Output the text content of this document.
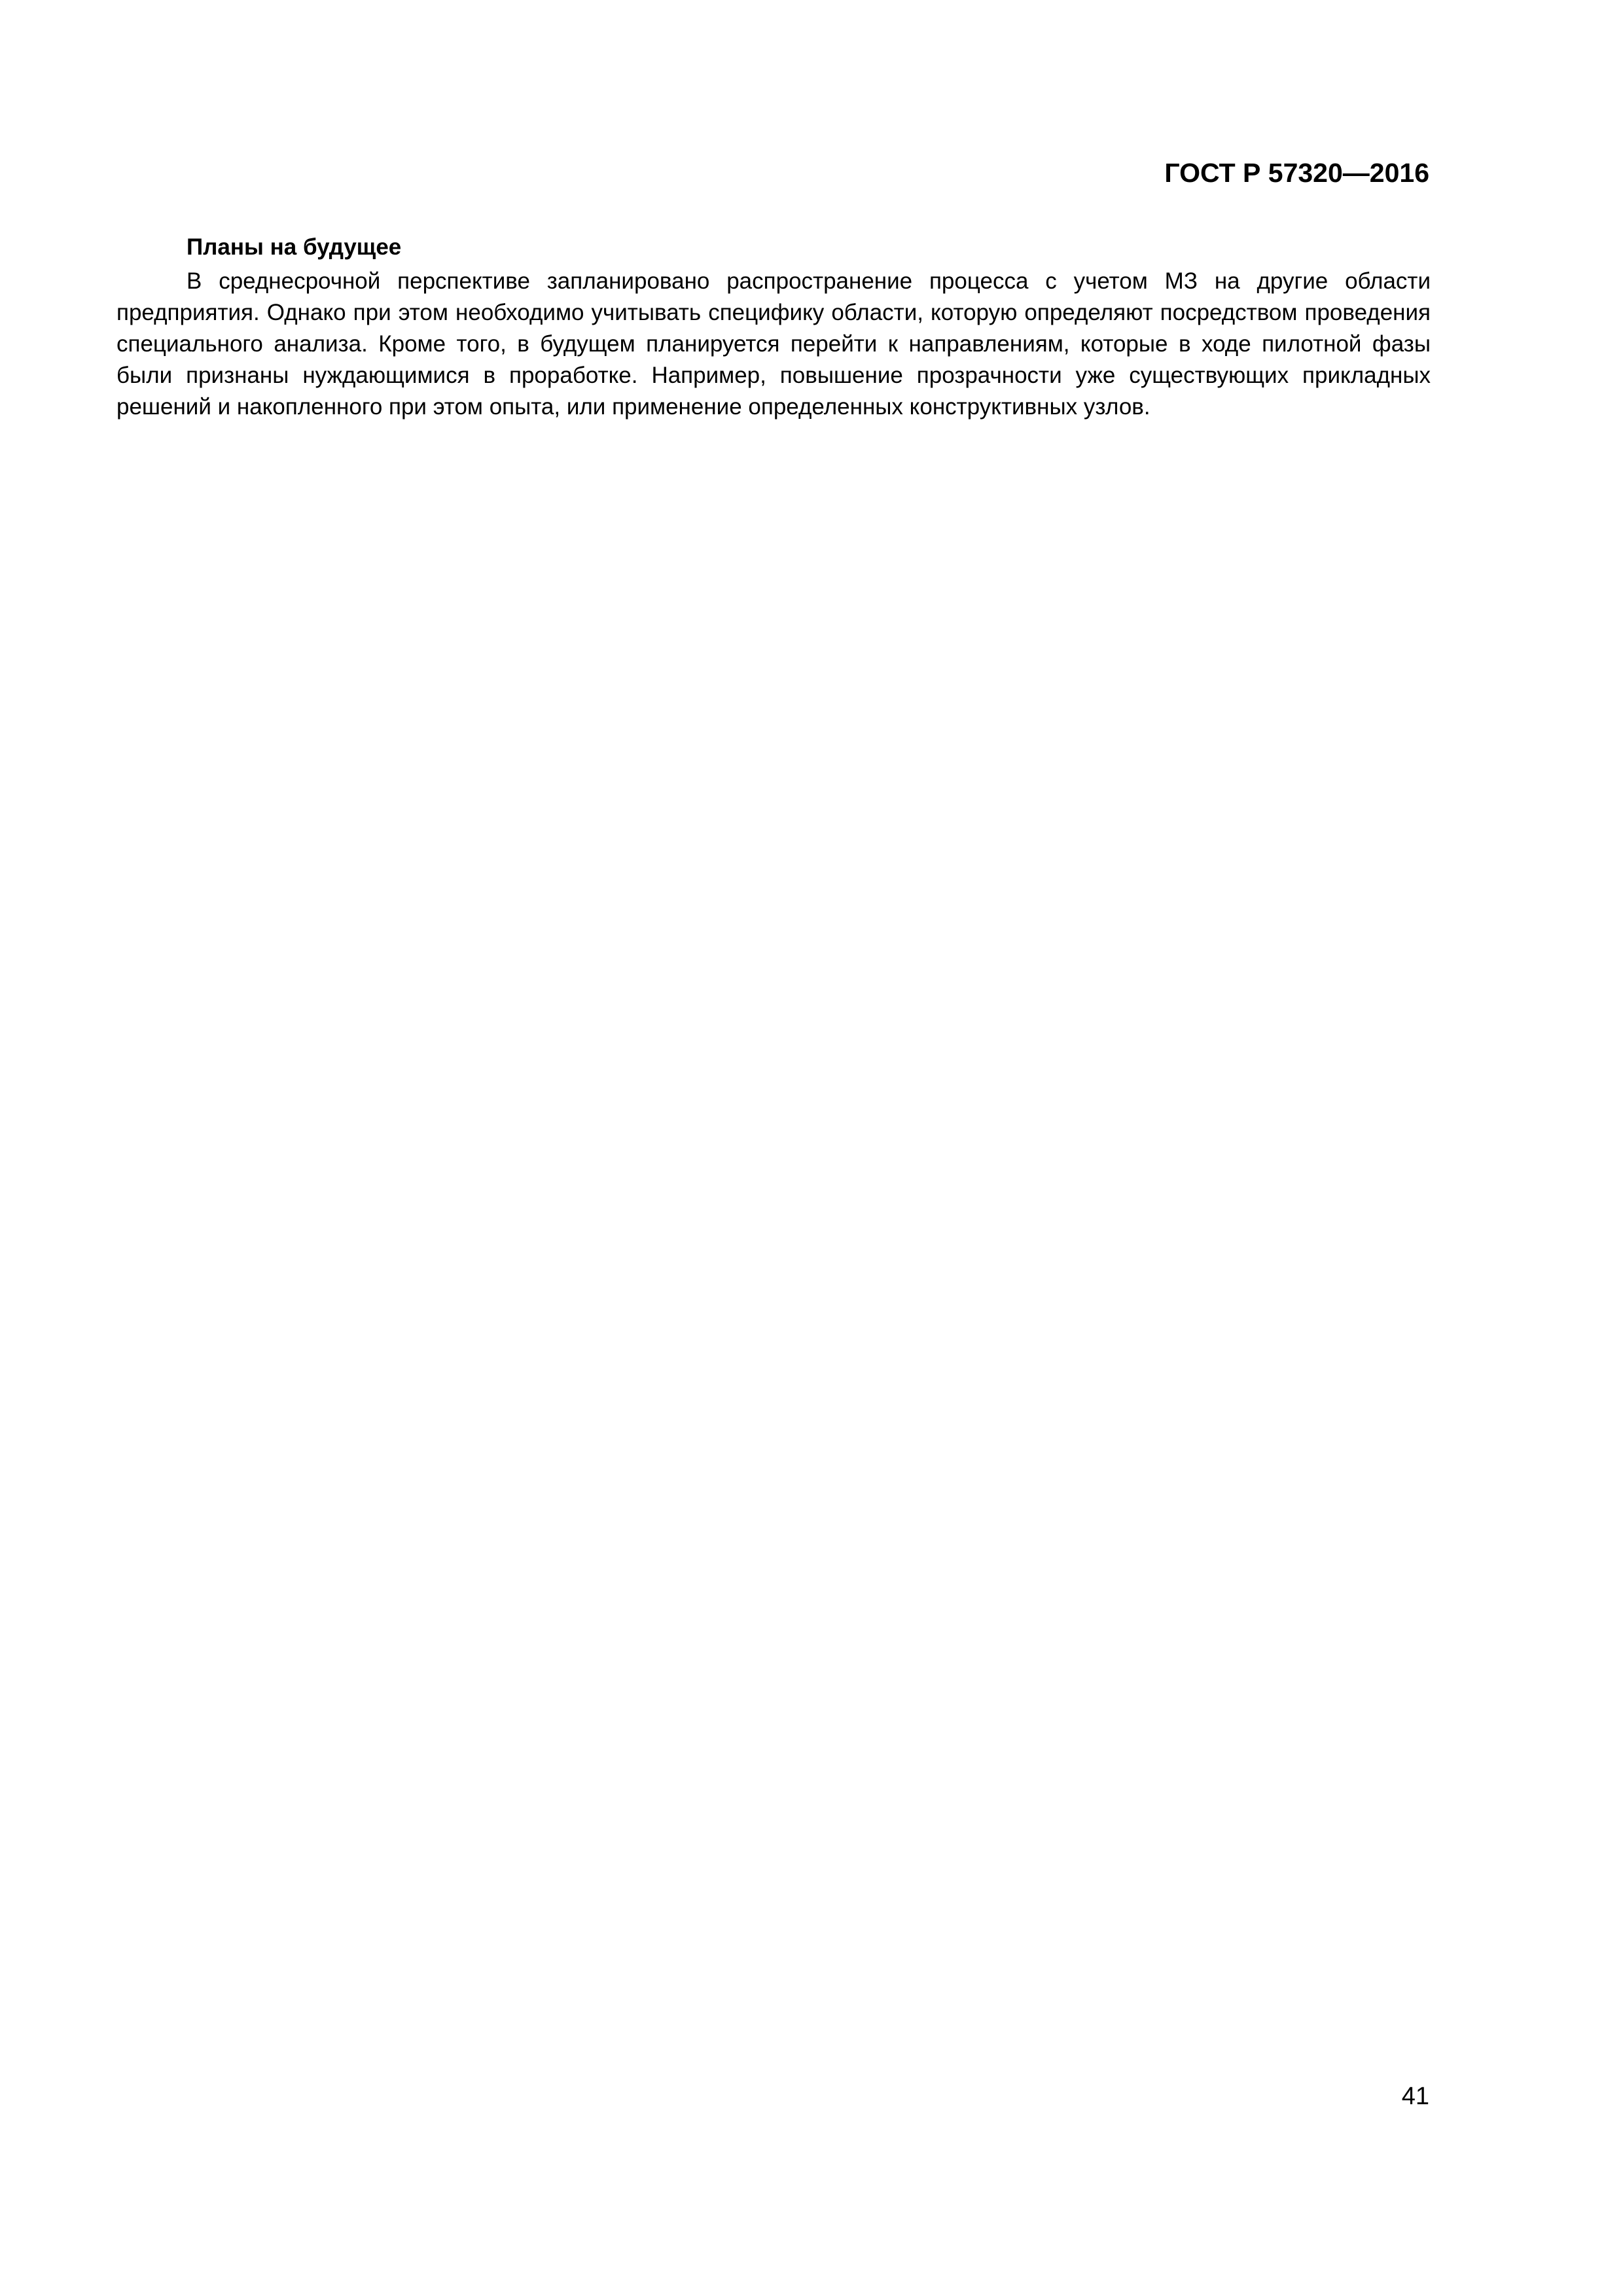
ГОСТ Р 57320—2016

Планы на будущее

В среднесрочной перспективе запланировано распространение процесса с учетом МЗ на другие области предприятия. Однако при этом необходимо учитывать специфику области, которую определяют посредством проведения специального анализа. Кроме того, в будущем планируется перейти к направлениям, которые в ходе пилотной фазы были признаны нуждающимися в проработке. Например, повышение прозрачности уже существующих прикладных решений и накопленного при этом опыта, или применение определенных конструктивных узлов.

41
